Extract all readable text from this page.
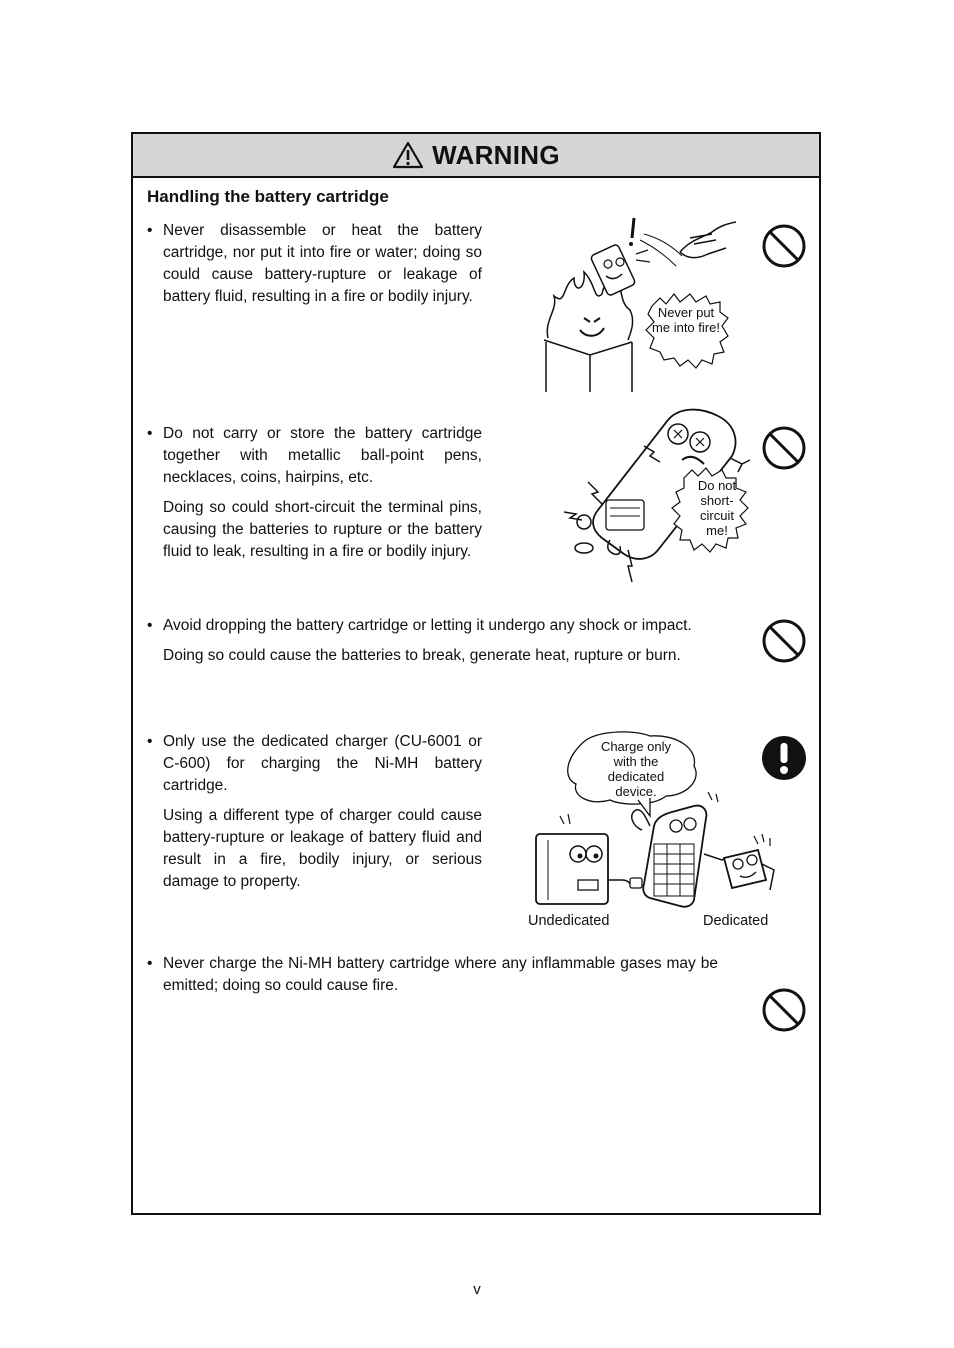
WARNING
Handling the battery cartridge
• Never disassemble or heat the battery cartridge, nor put it into fire or water; doing so could cause battery-rupture or leakage of battery fluid, resulting in a fire or bodily injury.

• Do not carry or store the battery cartridge together with metallic ball-point pens, necklaces, coins, hairpins, etc.

Doing so could short-circuit the terminal pins, causing the batteries to rupture or the battery fluid to leak, resulting in a fire or bodily injury.

• Avoid dropping the battery cartridge or letting it undergo any shock or impact.

Doing so could cause the batteries to break, generate heat, rupture or burn.

• Only use the dedicated charger (CU-6001 or C-600) for charging the Ni-MH battery cartridge.

Using a different type of charger could cause battery-rupture or leakage of battery fluid and result in a fire, bodily injury, or serious damage to property.

• Never charge the Ni-MH battery cartridge where any inflammable gases may be emitted; doing so could cause fire.

Never put me into fire!
Do not short-circuit me!
Charge only with the dedicated device.
Undedicated	Dedicated
v
